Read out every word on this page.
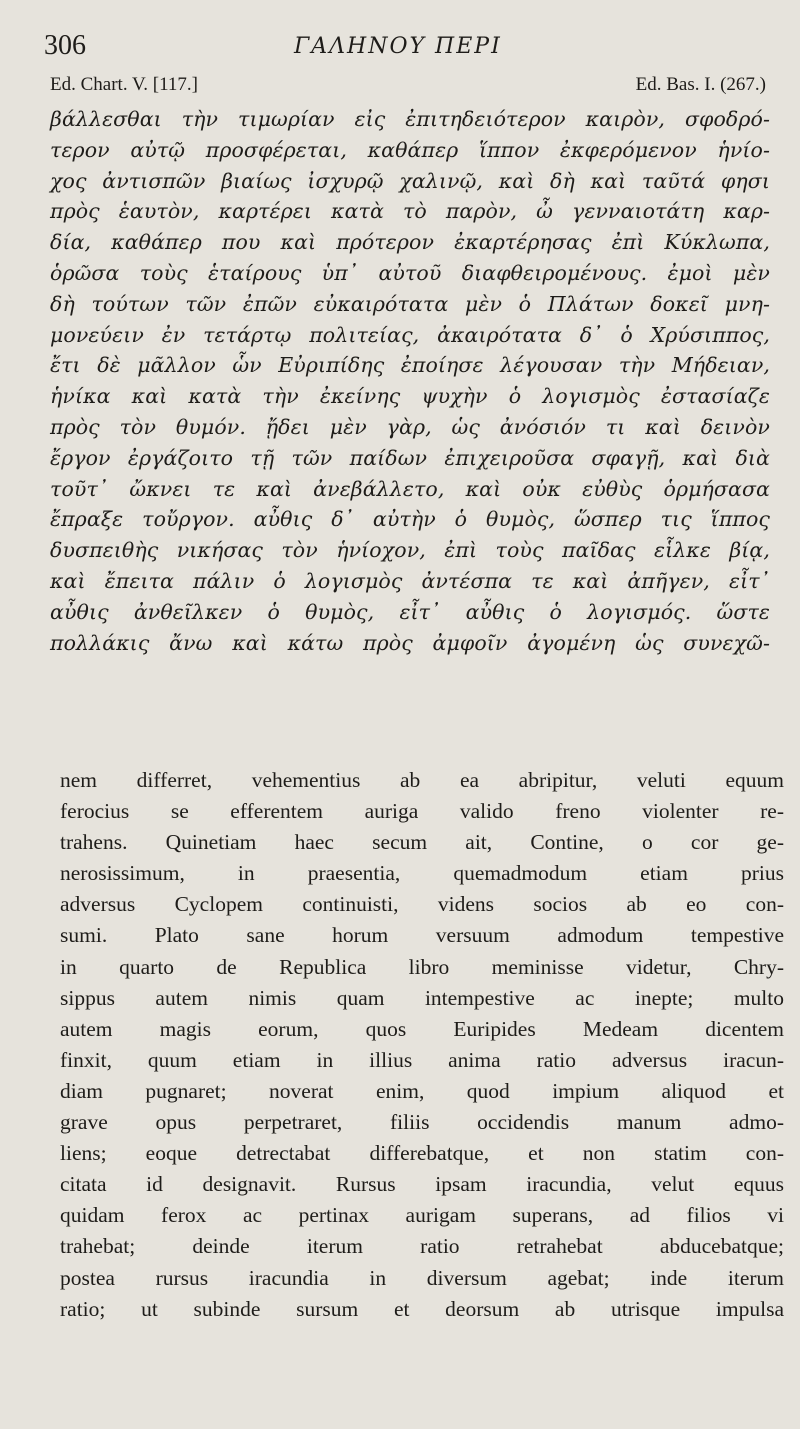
306	ΓΑΛΗΝΟΥ ΠΕΡΙ
Ed. Chart. V. [117.]	Ed. Bas. I. (267.)
βάλλεσθαι τὴν τιμωρίαν εἰς ἐπιτηδειότερον καιρὸν, σφοδρό-
τερον αὐτῷ προσφέρεται, καθάπερ ἵππον ἐκφερόμενον ἡνίο-
χος ἀντισπῶν βιαίως ἰσχυρῷ χαλινῷ, καὶ δὴ καὶ ταῦτά φησι
πρὸς ἑαυτὸν, καρτέρει κατὰ τὸ παρὸν, ὦ γενναιοτάτη καρ-
δία, καθάπερ που καὶ πρότερον ἐκαρτέρησας ἐπὶ Κύκλωπα,
ὁρῶσα τοὺς ἑταίρους ὑπ᾽ αὐτοῦ διαφθειρομένους. ἐμοὶ μὲν
δὴ τούτων τῶν ἐπῶν εὐκαιρότατα μὲν ὁ Πλάτων δοκεῖ μνη-
μονεύειν ἐν τετάρτῳ πολιτείας, ἀκαιρότατα δ᾽ ὁ Χρύσιππος,
ἔτι δὲ μᾶλλον ὧν Εὐριπίδης ἐποίησε λέγουσαν τὴν Μήδειαν,
ἡνίκα καὶ κατὰ τὴν ἐκείνης ψυχὴν ὁ λογισμὸς ἐστασίαζε
πρὸς τὸν θυμόν. ᾔδει μὲν γὰρ, ὡς ἀνόσιόν τι καὶ δεινὸν
ἔργον ἐργάζοιτο τῇ τῶν παίδων ἐπιχειροῦσα σφαγῇ, καὶ διὰ
τοῦτ᾽ ὤκνει τε καὶ ἀνεβάλλετο, καὶ οὐκ εὐθὺς ὁρμήσασα
ἔπραξε τοὔργον. αὖθις δ᾽ αὐτὴν ὁ θυμὸς, ὥσπερ τις ἵππος
δυσπειθὴς νικήσας τὸν ἡνίοχον, ἐπὶ τοὺς παῖδας εἷλκε βίᾳ,
καὶ ἔπειτα πάλιν ὁ λογισμὸς ἀντέσπα τε καὶ ἀπῆγεν, εἶτ᾽
αὖθις ἀνθεῖλκεν ὁ θυμὸς, εἶτ᾽ αὖθις ὁ λογισμός. ὥστε
πολλάκις ἄνω καὶ κάτω πρὸς ἀμφοῖν ἀγομένη ὡς συνεχῶ-
nem differret, vehementius ab ea abripitur, veluti equum
ferocius se efferentem auriga valido freno violenter re-
trahens. Quinetiam haec secum ait, Contine, o cor ge-
nerosissimum, in praesentia, quemadmodum etiam prius
adversus Cyclopem continuisti, videns socios ab eo con-
sumi. Plato sane horum versuum admodum tempestive
in quarto de Republica libro meminisse videtur, Chry-
sippus autem nimis quam intempestive ac inepte; multo
autem magis eorum, quos Euripides Medeam dicentem
finxit, quum etiam in illius anima ratio adversus iracun-
diam pugnaret; noverat enim, quod impium aliquod et
grave opus perpetraret, filiis occidendis manum admo-
liens; eoque detrectabat differebatque, et non statim con-
citata id designavit. Rursus ipsam iracundia, velut equus
quidam ferox ac pertinax aurigam superans, ad filios vi
trahebat; deinde iterum ratio retrahebat abducebatque;
postea rursus iracundia in diversum agebat; inde iterum
ratio; ut subinde sursum et deorsum ab utrisque impulsa
